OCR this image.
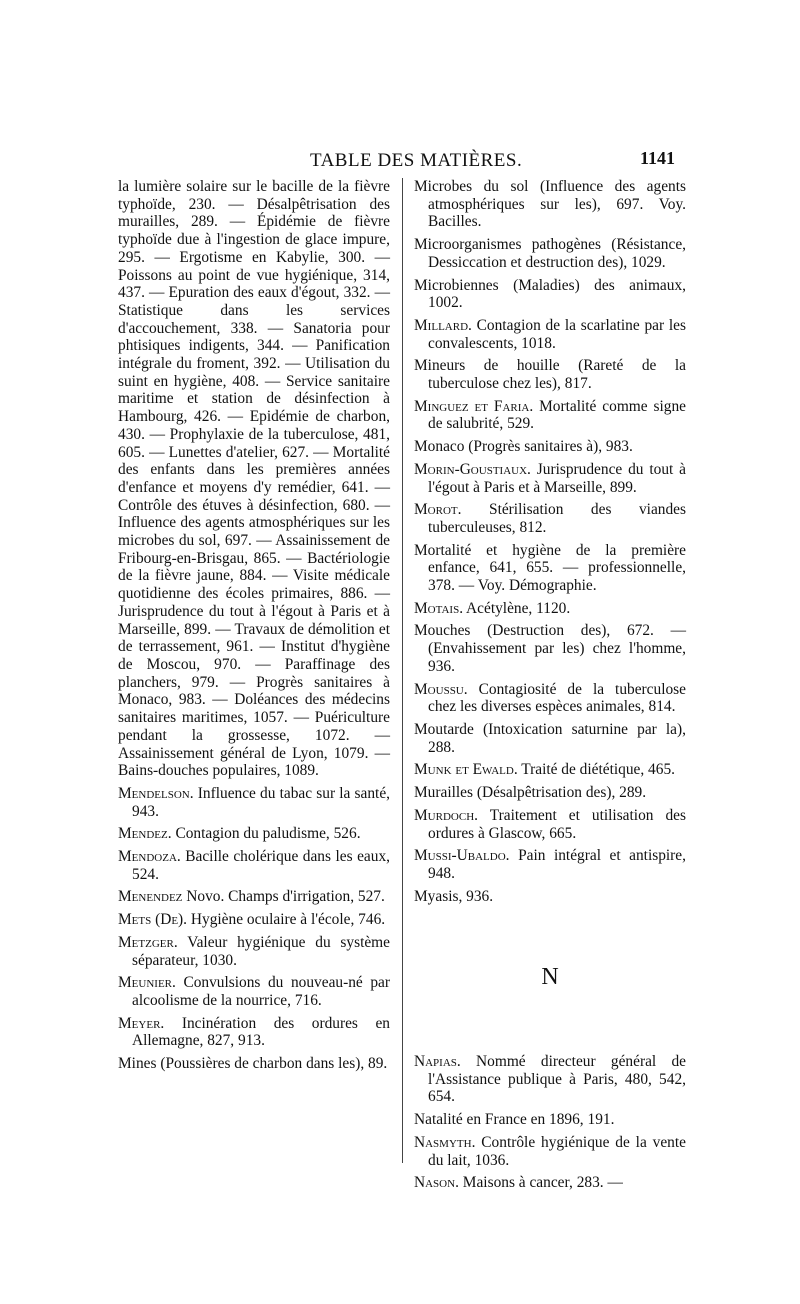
TABLE DES MATIÈRES.	1141

la lumière solaire sur le bacille de la fièvre typhoïde, 230. — Désalpêtrisation des murailles, 289. — Épidémie de fièvre typhoïde due à l'ingestion de glace impure, 295. — Ergotisme en Kabylie, 300. — Poissons au point de vue hygiénique, 314, 437. — Epuration des eaux d'égout, 332. — Statistique dans les services d'accouchement, 338. — Sanatoria pour phtisiques indigents, 344. — Panification intégrale du froment, 392. — Utilisation du suint en hygiène, 408. — Service sanitaire maritime et station de désinfection à Hambourg, 426. — Epidémie de charbon, 430. — Prophylaxie de la tuberculose, 481, 605. — Lunettes d'atelier, 627. — Mortalité des enfants dans les premières années d'enfance et moyens d'y remédier, 641. — Contrôle des étuves à désinfection, 680. — Influence des agents atmosphériques sur les microbes du sol, 697. — Assainissement de Fribourg-en-Brisgau, 865. — Bactériologie de la fièvre jaune, 884. — Visite médicale quotidienne des écoles primaires, 886. — Jurisprudence du tout à l'égout à Paris et à Marseille, 899. — Travaux de démolition et de terrassement, 961. — Institut d'hygiène de Moscou, 970. — Paraffinage des planchers, 979. — Progrès sanitaires à Monaco, 983. — Doléances des médecins sanitaires maritimes, 1057. — Puériculture pendant la grossesse, 1072. — Assainissement général de Lyon, 1079. — Bains-douches populaires, 1089.

Mendelson. Influence du tabac sur la santé, 943.

Mendez. Contagion du paludisme, 526.

Mendoza. Bacille cholérique dans les eaux, 524.

Menendez Novo. Champs d'irrigation, 527.

Mets (De). Hygiène oculaire à l'école, 746.

Metzger. Valeur hygiénique du système séparateur, 1030.

Meunier. Convulsions du nouveau-né par alcoolisme de la nourrice, 716.

Meyer. Incinération des ordures en Allemagne, 827, 913.

Mines (Poussières de charbon dans les), 89.

Microbes du sol (Influence des agents atmosphériques sur les), 697. Voy. Bacilles.

Microorganismes pathogènes (Résistance, Dessiccation et destruction des), 1029.

Microbiennes (Maladies) des animaux, 1002.

Millard. Contagion de la scarlatine par les convalescents, 1018.

Mineurs de houille (Rareté de la tuberculose chez les), 817.

Minguez et Faria. Mortalité comme signe de salubrité, 529.

Monaco (Progrès sanitaires à), 983.

Morin-Goustiaux. Jurisprudence du tout à l'égout à Paris et à Marseille, 899.

Morot. Stérilisation des viandes tuberculeuses, 812.

Mortalité et hygiène de la première enfance, 641, 655. — professionnelle, 378. — Voy. Démographie.

Motais. Acétylène, 1120.

Mouches (Destruction des), 672. — (Envahissement par les) chez l'homme, 936.

Moussu. Contagiosité de la tuberculose chez les diverses espèces animales, 814.

Moutarde (Intoxication saturnine par la), 288.

Munk et Ewald. Traité de diététique, 465.

Murailles (Désalpêtrisation des), 289.

Murdoch. Traitement et utilisation des ordures à Glascow, 665.

Mussi-Ubaldo. Pain intégral et antispire, 948.

Myasis, 936.

N

Napias. Nommé directeur général de l'Assistance publique à Paris, 480, 542, 654.

Natalité en France en 1896, 191.

Nasmyth. Contrôle hygiénique de la vente du lait, 1036.

Nason. Maisons à cancer, 283. —
